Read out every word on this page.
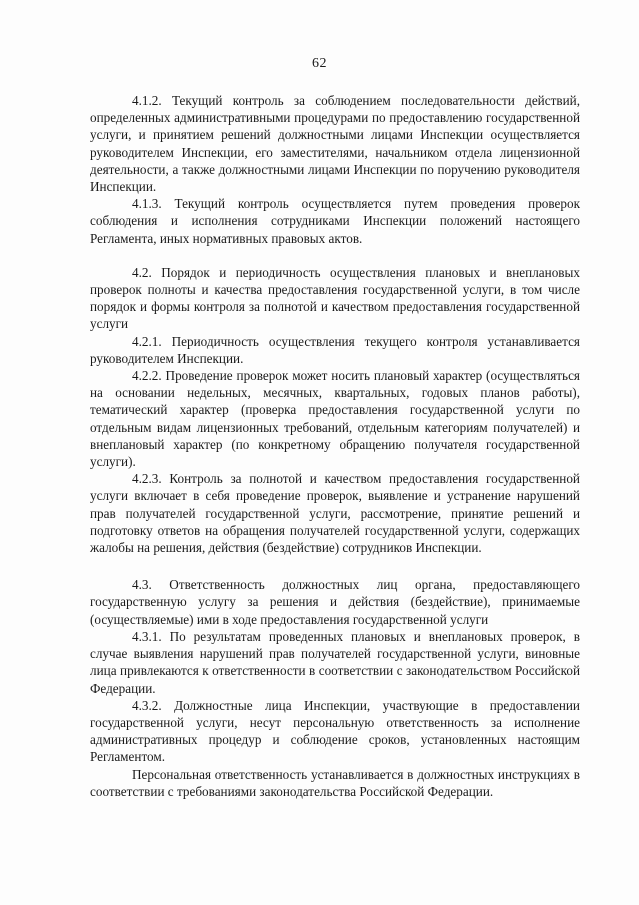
62

4.1.2. Текущий контроль за соблюдением последовательности действий, определенных административными процедурами по предоставлению государственной услуги, и принятием решений должностными лицами Инспекции осуществляется руководителем Инспекции, его заместителями, начальником отдела лицензионной деятельности, а также должностными лицами Инспекции по поручению руководителя Инспекции.

4.1.3. Текущий контроль осуществляется путем проведения проверок соблюдения и исполнения сотрудниками Инспекции положений настоящего Регламента, иных нормативных правовых актов.

4.2. Порядок и периодичность осуществления плановых и внеплановых проверок полноты и качества предоставления государственной услуги, в том числе порядок и формы контроля за полнотой и качеством предоставления государственной услуги

4.2.1. Периодичность осуществления текущего контроля устанавливается руководителем Инспекции.

4.2.2. Проведение проверок может носить плановый характер (осуществляться на основании недельных, месячных, квартальных, годовых планов работы), тематический характер (проверка предоставления государственной услуги по отдельным видам лицензионных требований, отдельным категориям получателей) и внеплановый характер (по конкретному обращению получателя государственной услуги).

4.2.3. Контроль за полнотой и качеством предоставления государственной услуги включает в себя проведение проверок, выявление и устранение нарушений прав получателей государственной услуги, рассмотрение, принятие решений и подготовку ответов на обращения получателей государственной услуги, содержащих жалобы на решения, действия (бездействие) сотрудников Инспекции.

4.3. Ответственность должностных лиц органа, предоставляющего государственную услугу за решения и действия (бездействие), принимаемые (осуществляемые) ими в ходе предоставления государственной услуги

4.3.1. По результатам проведенных плановых и внеплановых проверок, в случае выявления нарушений прав получателей государственной услуги, виновные лица привлекаются к ответственности в соответствии с законодательством Российской Федерации.

4.3.2. Должностные лица Инспекции, участвующие в предоставлении государственной услуги, несут персональную ответственность за исполнение административных процедур и соблюдение сроков, установленных настоящим Регламентом.

Персональная ответственность устанавливается в должностных инструкциях в соответствии с требованиями законодательства Российской Федерации.
